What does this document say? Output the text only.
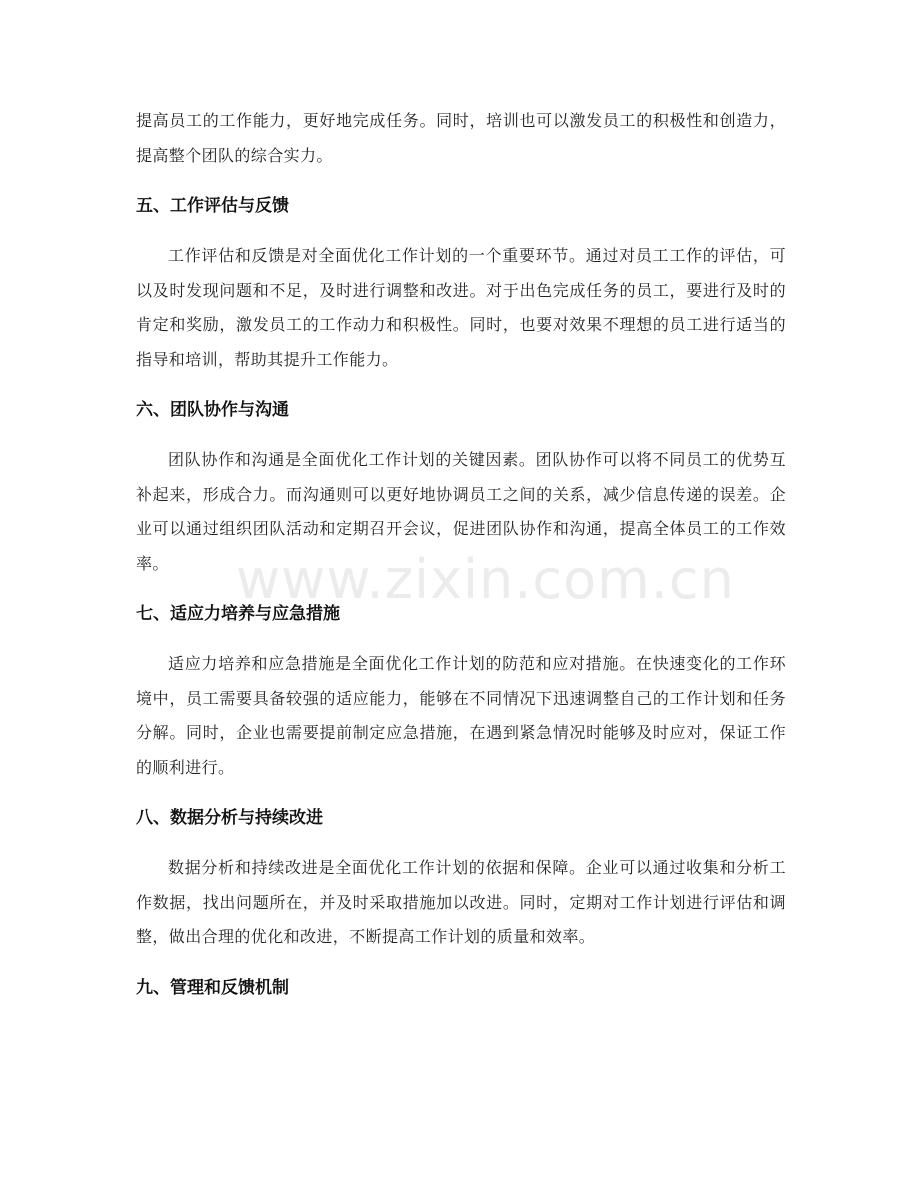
提高员工的工作能力，更好地完成任务。同时，培训也可以激发员工的积极性和创造力，提高整个团队的综合实力。

五、工作评估与反馈

工作评估和反馈是对全面优化工作计划的一个重要环节。通过对员工工作的评估，可以及时发现问题和不足，及时进行调整和改进。对于出色完成任务的员工，要进行及时的肯定和奖励，激发员工的工作动力和积极性。同时，也要对效果不理想的员工进行适当的指导和培训，帮助其提升工作能力。

六、团队协作与沟通

团队协作和沟通是全面优化工作计划的关键因素。团队协作可以将不同员工的优势互补起来，形成合力。而沟通则可以更好地协调员工之间的关系，减少信息传递的误差。企业可以通过组织团队活动和定期召开会议，促进团队协作和沟通，提高全体员工的工作效率。

七、适应力培养与应急措施

适应力培养和应急措施是全面优化工作计划的防范和应对措施。在快速变化的工作环境中，员工需要具备较强的适应能力，能够在不同情况下迅速调整自己的工作计划和任务分解。同时，企业也需要提前制定应急措施，在遇到紧急情况时能够及时应对，保证工作的顺利进行。

八、数据分析与持续改进

数据分析和持续改进是全面优化工作计划的依据和保障。企业可以通过收集和分析工作数据，找出问题所在，并及时采取措施加以改进。同时，定期对工作计划进行评估和调整，做出合理的优化和改进，不断提高工作计划的质量和效率。

九、管理和反馈机制
www.zixin.com.cn
